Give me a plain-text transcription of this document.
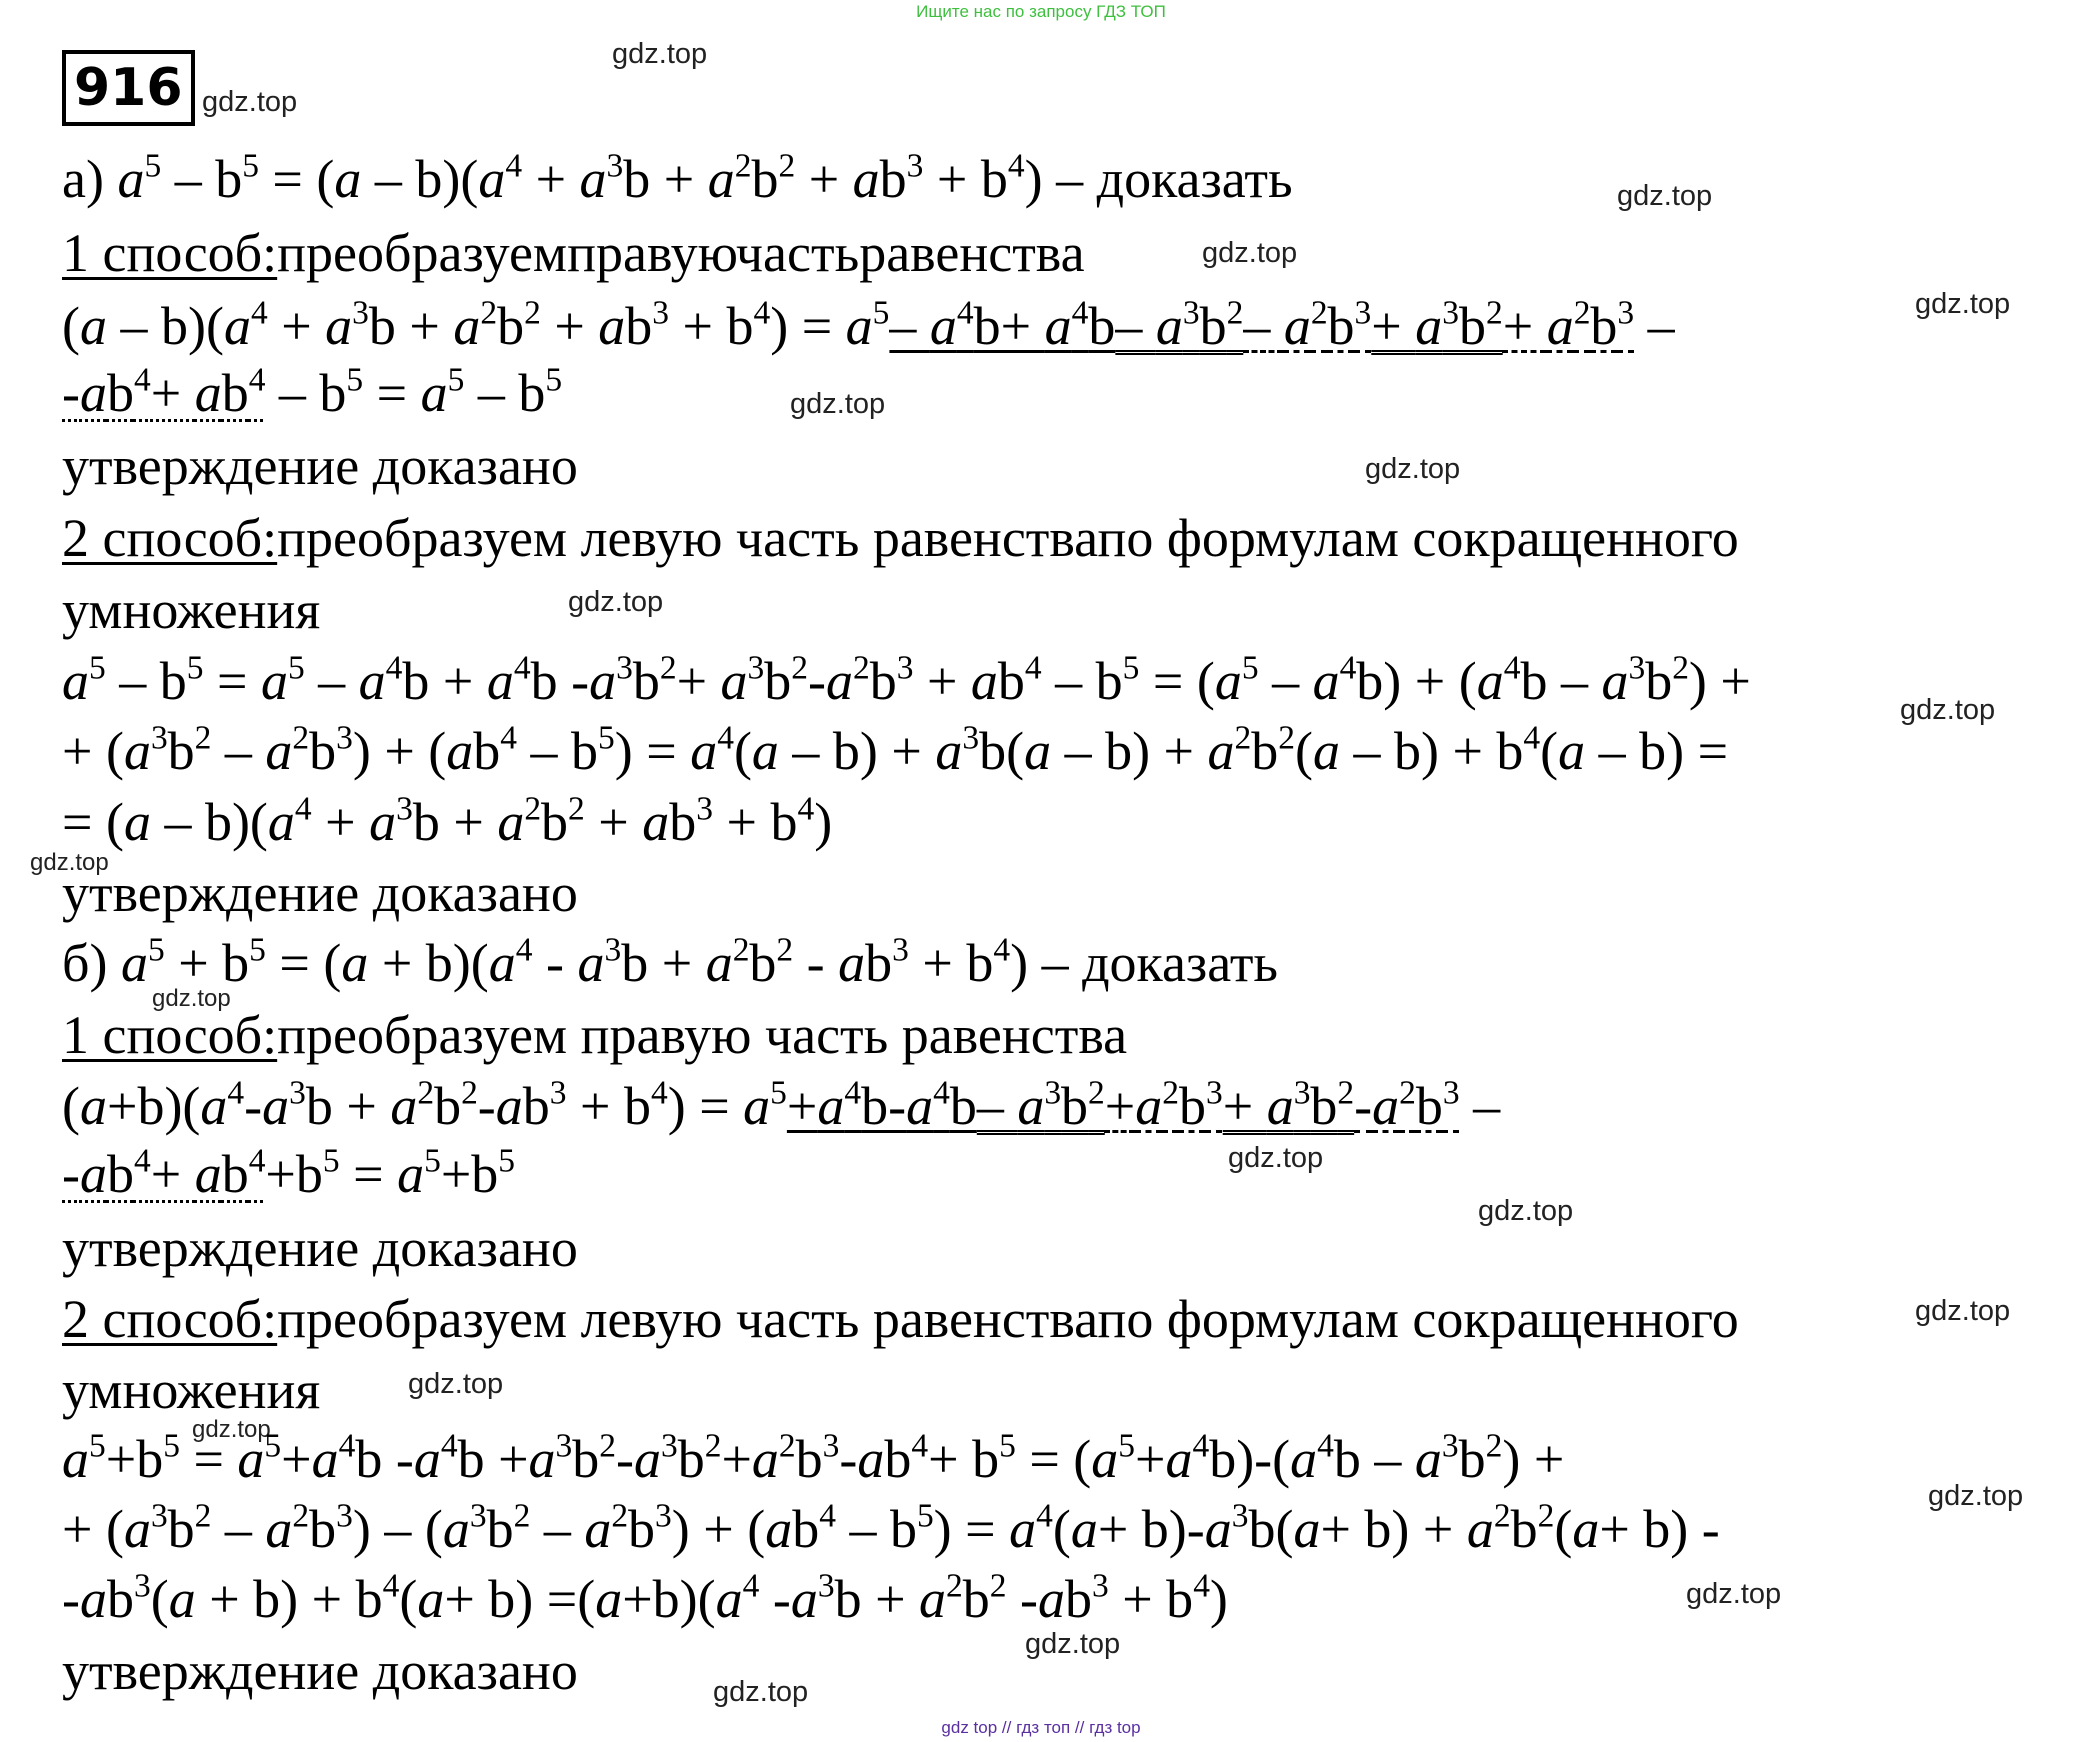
Ищите нас по запросу ГДЗ ТОП
916
gdz.top
gdz.top
gdz.top
gdz.top
gdz.top
gdz.top
gdz.top
gdz.top
gdz.top
gdz.top
gdz.top
gdz.top
gdz.top
gdz.top
gdz.top
gdz.top
gdz.top
gdz.top
gdz.top
gdz.top
а) $a^5 - b^5 = (a - b)(a^4 + a^3b + a^2b^2 + ab^3 + b^4)$ – доказать
1 способ:преобразуемправуючастьравенства
$(a - b)(a^4 + a^3b + a^2b^2 + ab^3 + b^4) = a^5-$ $a^4b+ a^4b-$ $a^3b^2-$ $a^2b^3+ a^3b^2+ a^2b^3$ –
$-ab^4+ ab^4 - b^5 = a^5 - b^5$
утверждение доказано
2 способ:преобразуем левую часть равенствапо формулам сокращенного
умножения
$a^5 - b^5 = a^5 - a^4b + a^4b$ $-a^3b^2+ a^3b^2-a^2b^3 + ab^4 - b^5 = (a^5 - a^4b) + (a^4b - a^3b^2)$ +
+ $(a^3b^2 - a^2b^3) + (ab^4 - b^5) = a^4(a - b) + a^3b(a - b) + a^2b^2(a - b) + b^4(a - b)$ =
= $(a - b)(a^4 + a^3b + a^2b^2 + ab^3 + b^4)$
утверждение доказано
б) $a^5 + b^5 = (a + b)(a^4 - a^3b + a^2b^2 - ab^3 + b^4)$ – доказать
1 способ:преобразуем правую часть равенства
$(a+b)(a^4-a^3b + a^2b^2-ab^3 + b^4) = a^5+a^4b-a^4b-$ $a^3b^2+a^2b^3+ a^3b^2-a^2b^3$ –
$-ab^4+ ab^4+b^5 = a^5+b^5$
утверждение доказано
2 способ:преобразуем левую часть равенствапо формулам сокращенного
умножения
$a^5+b^5 = a^5+a^4b$ $-a^4b +a^3b^2-a^3b^2+a^2b^3-ab^4+ b^5 = (a^5+a^4b)-(a^4b - a^3b^2)$ +
+ $(a^3b^2 - a^2b^3) - (a^3b^2 - a^2b^3) + (ab^4 - b^5) = a^4(a+ b)-a^3b(a+ b) + a^2b^2(a+ b)$ -
$-ab^3(a + b) + b^4(a+ b) =(a+b)(a^4$ $-a^3b + a^2b^2$ $-ab^3 + b^4$)
утверждение доказано
gdz top // гдз топ // гдз top
